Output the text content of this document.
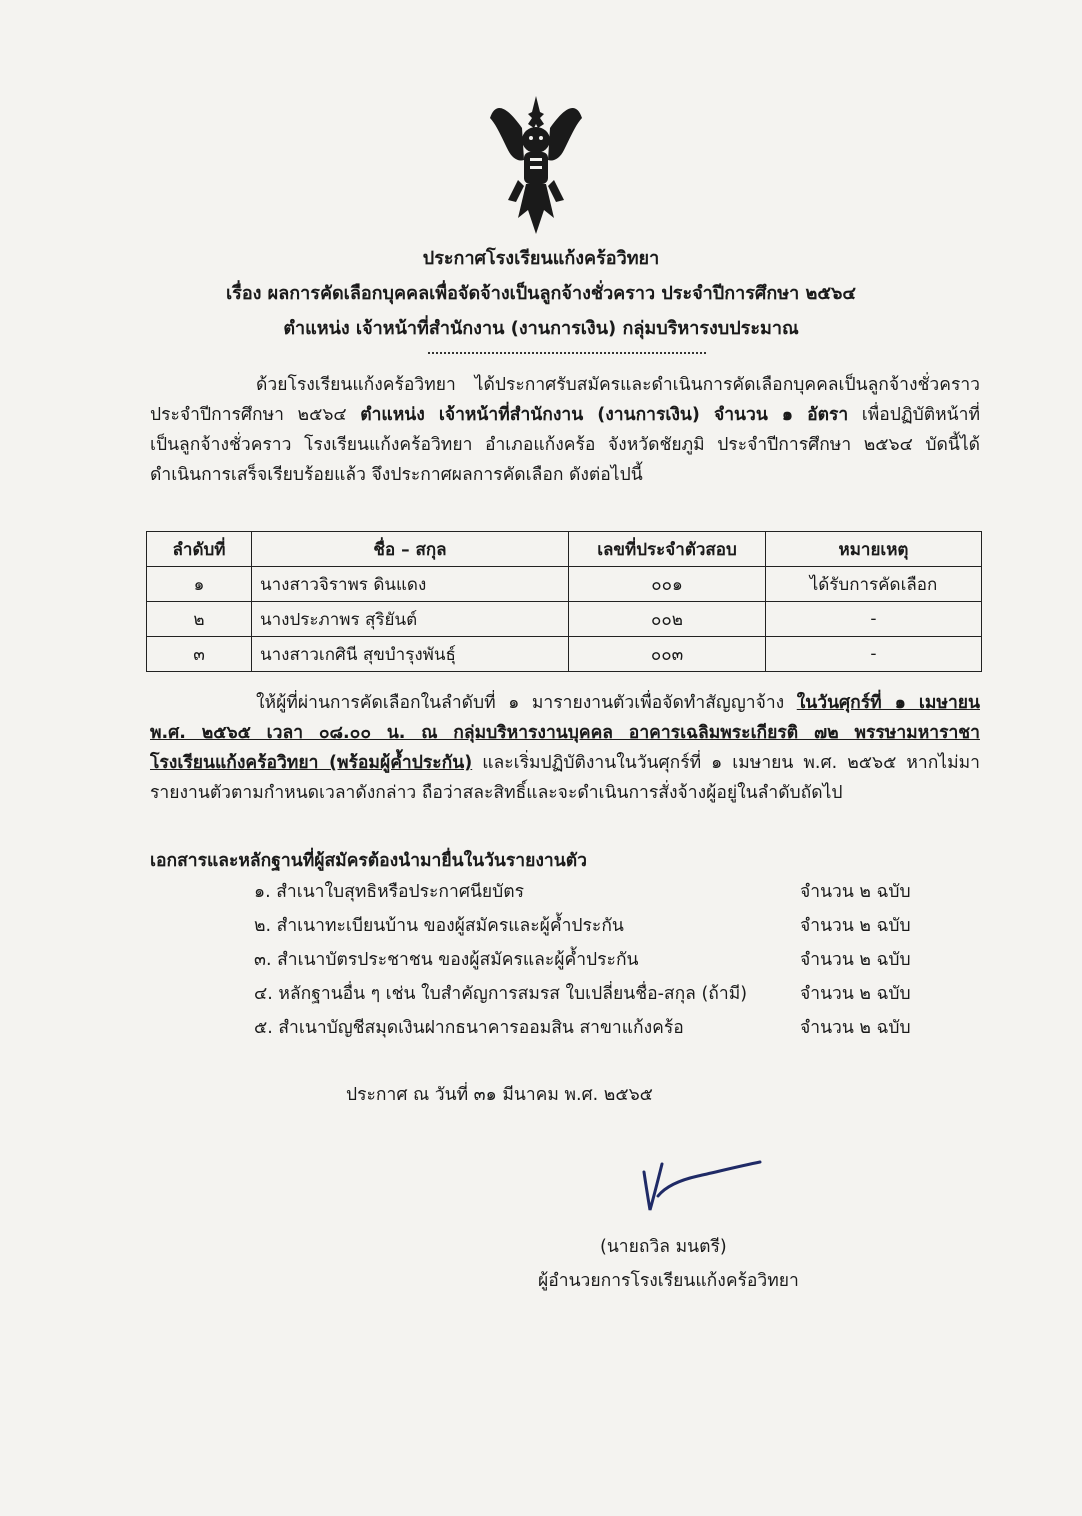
ประกาศโรงเรียนแก้งคร้อวิทยา
เรื่อง ผลการคัดเลือกบุคคลเพื่อจัดจ้างเป็นลูกจ้างชั่วคราว ประจำปีการศึกษา ๒๕๖๔
ตำแหน่ง เจ้าหน้าที่สำนักงาน (งานการเงิน) กลุ่มบริหารงบประมาณ
ด้วยโรงเรียนแก้งคร้อวิทยา ได้ประกาศรับสมัครและดำเนินการคัดเลือกบุคคลเป็นลูกจ้างชั่วคราว
ประจำปีการศึกษา ๒๕๖๔ ตำแหน่ง เจ้าหน้าที่สำนักงาน (งานการเงิน) จำนวน ๑ อัตรา เพื่อปฏิบัติหน้าที่
เป็นลูกจ้างชั่วคราว โรงเรียนแก้งคร้อวิทยา อำเภอแก้งคร้อ จังหวัดชัยภูมิ ประจำปีการศึกษา ๒๕๖๔ บัดนี้ได้
ดำเนินการเสร็จเรียบร้อยแล้ว จึงประกาศผลการคัดเลือก ดังต่อไปนี้
ลำดับที่	ชื่อ – สกุล	เลขที่ประจำตัวสอบ	หมายเหตุ
๑	นางสาวจิราพร ดินแดง	๐๐๑	ได้รับการคัดเลือก
๒	นางประภาพร สุริยันต์	๐๐๒	-
๓	นางสาวเกศินี สุขบำรุงพันธุ์	๐๐๓	-
ให้ผู้ที่ผ่านการคัดเลือกในลำดับที่ ๑ มารายงานตัวเพื่อจัดทำสัญญาจ้าง ในวันศุกร์ที่ ๑ เมษายน
พ.ศ. ๒๕๖๕ เวลา ๐๘.๐๐ น. ณ กลุ่มบริหารงานบุคคล อาคารเฉลิมพระเกียรติ ๗๒ พรรษามหาราชา
โรงเรียนแก้งคร้อวิทยา (พร้อมผู้ค้ำประกัน) และเริ่มปฏิบัติงานในวันศุกร์ที่ ๑ เมษายน พ.ศ. ๒๕๖๕ หากไม่มา
รายงานตัวตามกำหนดเวลาดังกล่าว ถือว่าสละสิทธิ์และจะดำเนินการสั่งจ้างผู้อยู่ในลำดับถัดไป
เอกสารและหลักฐานที่ผู้สมัครต้องนำมายื่นในวันรายงานตัว
๑. สำเนาใบสุทธิหรือประกาศนียบัตร	จำนวน ๒ ฉบับ
๒. สำเนาทะเบียนบ้าน ของผู้สมัครและผู้ค้ำประกัน	จำนวน ๒ ฉบับ
๓. สำเนาบัตรประชาชน ของผู้สมัครและผู้ค้ำประกัน	จำนวน ๒ ฉบับ
๔. หลักฐานอื่น ๆ เช่น ใบสำคัญการสมรส ใบเปลี่ยนชื่อ-สกุล (ถ้ามี)	จำนวน ๒ ฉบับ
๕. สำเนาบัญชีสมุดเงินฝากธนาคารออมสิน สาขาแก้งคร้อ	จำนวน ๒ ฉบับ
ประกาศ ณ วันที่ ๓๑ มีนาคม พ.ศ. ๒๕๖๕
(นายถวิล มนตรี)
ผู้อำนวยการโรงเรียนแก้งคร้อวิทยา
